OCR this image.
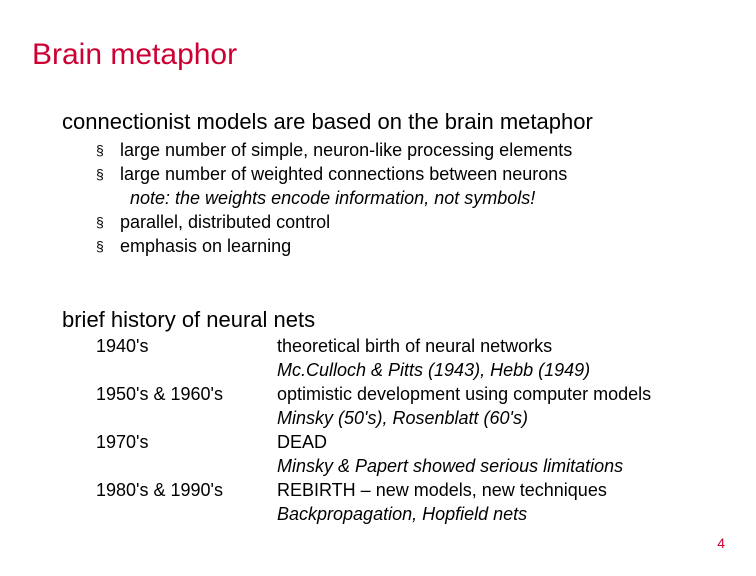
Brain metaphor
connectionist models are based on the brain metaphor
§ large number of simple, neuron-like processing elements
§ large number of weighted connections between neurons
note: the weights encode information, not symbols!
§ parallel, distributed control
§ emphasis on learning
brief history of neural nets
1940's	theoretical birth of neural networks
Mc.Culloch & Pitts (1943), Hebb (1949)
1950's & 1960's	optimistic development using computer models
Minsky (50's), Rosenblatt (60's)
1970's	DEAD
Minsky & Papert showed serious limitations
1980's & 1990's	REBIRTH – new models, new techniques
Backpropagation, Hopfield nets
4
